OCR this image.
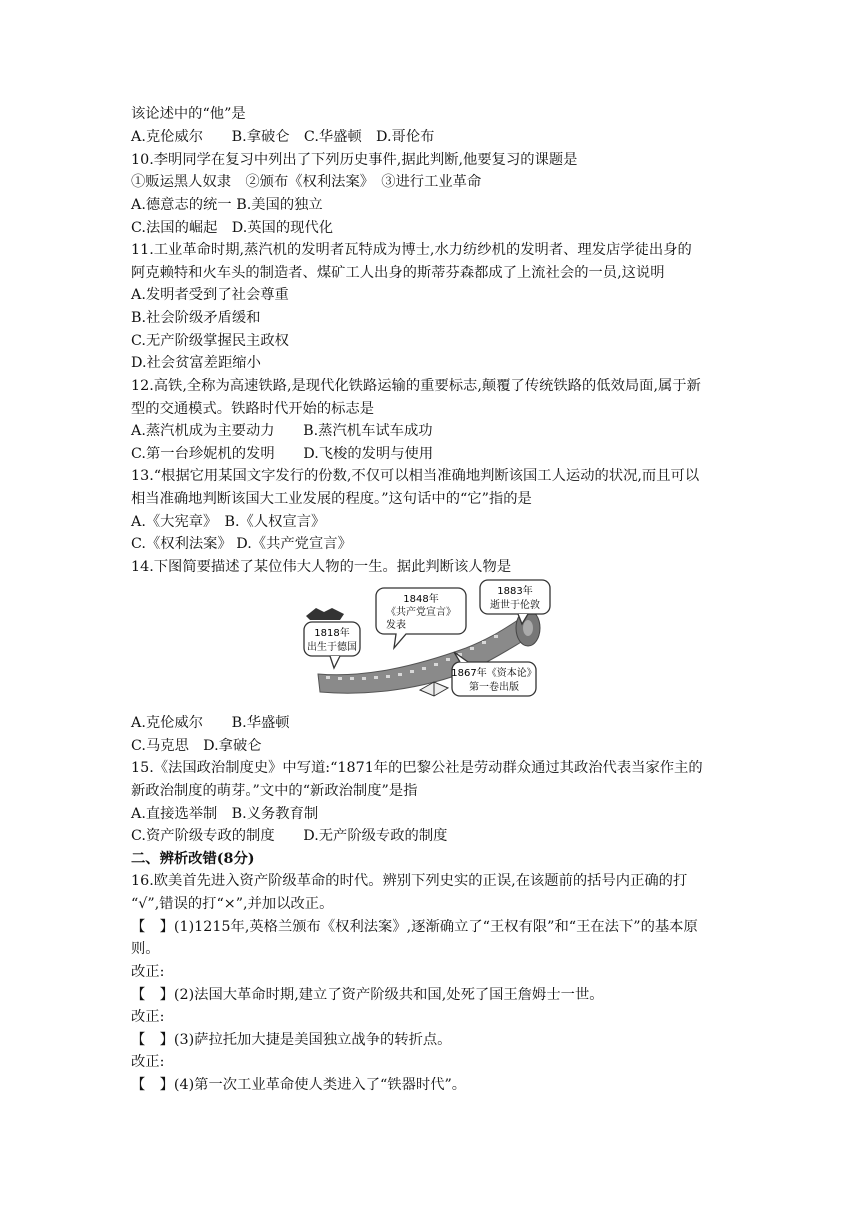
该论述中的“他”是
A.克伦威尔　　B.拿破仑　C.华盛顿　D.哥伦布
10.李明同学在复习中列出了下列历史事件,据此判断,他要复习的课题是
①贩运黑人奴隶　②颁布《权利法案》　③进行工业革命
A.德意志的统一 B.美国的独立
C.法国的崛起　D.英国的现代化
11.工业革命时期,蒸汽机的发明者瓦特成为博士,水力纺纱机的发明者、理发店学徒出身的
阿克赖特和火车头的制造者、煤矿工人出身的斯蒂芬森都成了上流社会的一员,这说明
A.发明者受到了社会尊重
B.社会阶级矛盾缓和
C.无产阶级掌握民主政权
D.社会贫富差距缩小
12.高铁,全称为高速铁路,是现代化铁路运输的重要标志,颠覆了传统铁路的低效局面,属于新
型的交通模式。铁路时代开始的标志是
A.蒸汽机成为主要动力　　B.蒸汽机车试车成功
C.第一台珍妮机的发明　　D.飞梭的发明与使用
13.“根据它用某国文字发行的份数,不仅可以相当准确地判断该国工人运动的状况,而且可以
相当准确地判断该国大工业发展的程度。”这句话中的“它”指的是
A.《大宪章》　B.《人权宣言》
C.《权利法案》 D.《共产党宣言》
14.下图简要描述了某位伟大人物的一生。据此判断该人物是
1818年
出生于德国
1848年
《共产党宣言》
发表
1883年
逝世于伦敦
1867年《资本论》
第一卷出版
A.克伦威尔　　B.华盛顿
C.马克思　D.拿破仑
15.《法国政治制度史》中写道:“1871年的巴黎公社是劳动群众通过其政治代表当家作主的
新政治制度的萌芽。”文中的“新政治制度”是指
A.直接选举制　B.义务教育制
C.资产阶级专政的制度　　D.无产阶级专政的制度
二、辨析改错(8分)
16.欧美首先进入资产阶级革命的时代。辨别下列史实的正误,在该题前的括号内正确的打
“√”,错误的打“×”,并加以改正。
【　】(1)1215年,英格兰颁布《权利法案》,逐渐确立了“王权有限”和“王在法下”的基本原
则。
改正:
【　】(2)法国大革命时期,建立了资产阶级共和国,处死了国王詹姆士一世。
改正:
【　】(3)萨拉托加大捷是美国独立战争的转折点。
改正:
【　】(4)第一次工业革命使人类进入了“铁器时代”。
